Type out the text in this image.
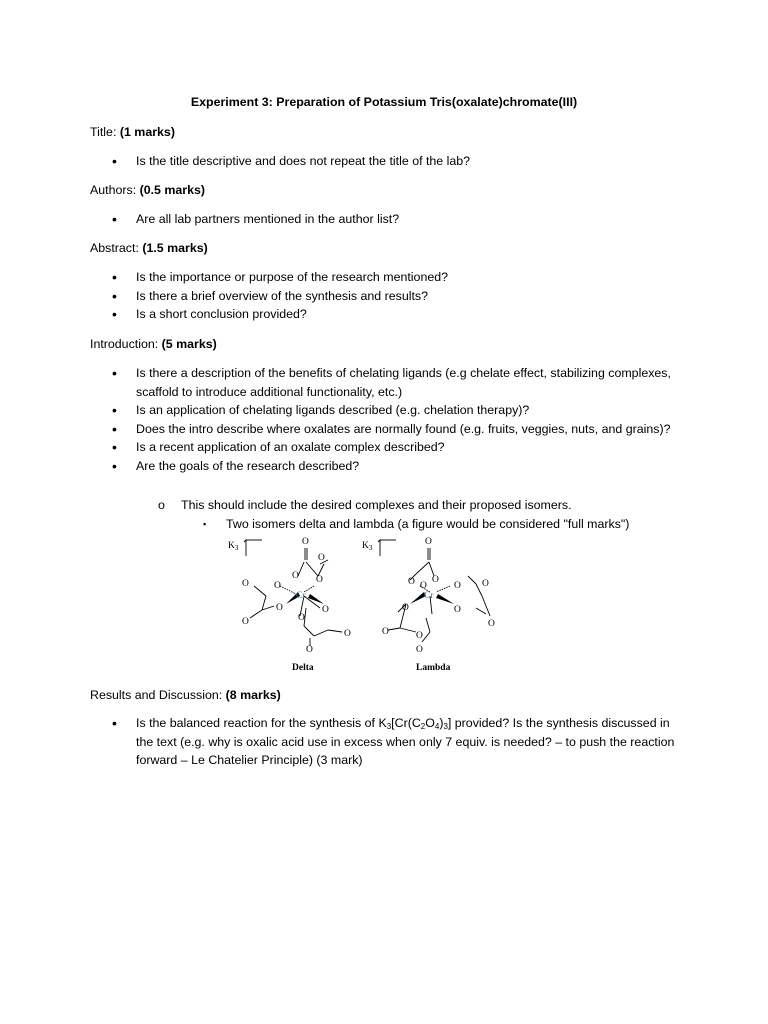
Experiment 3: Preparation of Potassium Tris(oxalate)chromate(III)
Title: (1 marks)
• Is the title descriptive and does not repeat the title of the lab?
Authors: (0.5 marks)
• Are all lab partners mentioned in the author list?
Abstract: (1.5 marks)
• Is the importance or purpose of the research mentioned?
• Is there a brief overview of the synthesis and results?
• Is a short conclusion provided?
Introduction: (5 marks)
• Is there a description of the benefits of chelating ligands (e.g chelate effect, stabilizing complexes, scaffold to introduce additional functionality, etc.)
• Is an application of chelating ligands described (e.g. chelation therapy)?
• Does the intro describe where oxalates are normally found (e.g. fruits, veggies, nuts, and grains)?
• Is a recent application of an oxalate complex described?
• Are the goals of the research described?
o This should include the desired complexes and their proposed isomers.
▪ Two isomers delta and lambda (a figure would be considered "full marks")
$K_3$
O
O
O O
O	O
O
O	O
O
O
O
Cr
Delta
$K_3$
O
O O
O	O O
O
O	O
O	O
O
Cr
Lambda
Results and Discussion: (8 marks)
• Is the balanced reaction for the synthesis of $K_3[Cr(C_2O_4)_3]$ provided? Is the synthesis discussed in the text (e.g. why is oxalic acid use in excess when only 7 equiv. is needed? – to push the reaction forward – Le Chatelier Principle) (3 mark)
